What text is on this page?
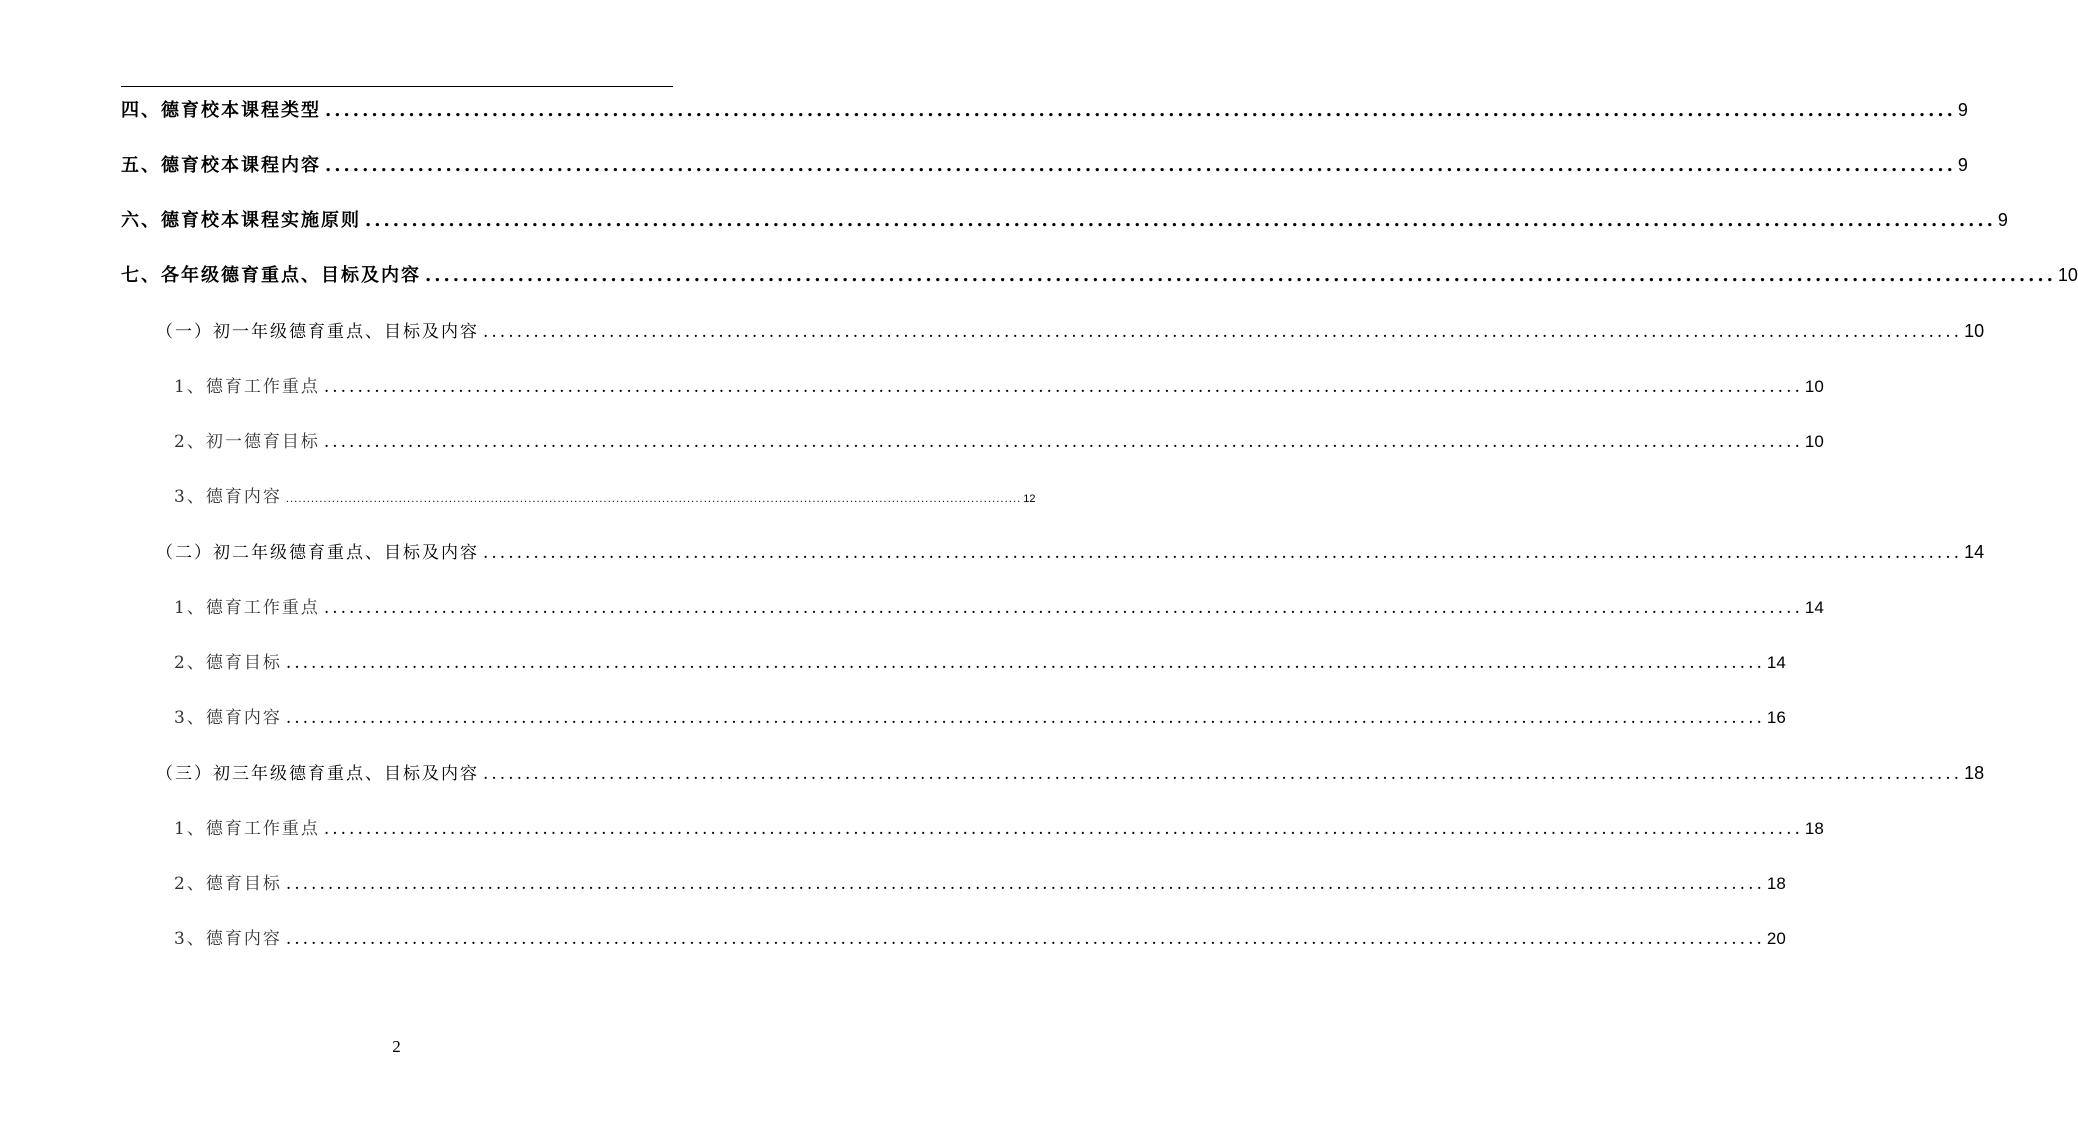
四、德育校本课程类型 ................................................................................................................................................................................ 9
五、德育校本课程内容 ................................................................................................................................................................................ 9
六、德育校本课程实施原则 ................................................................................................................................................................................ 9
七、各年级德育重点、目标及内容 ................................................................................................................................................................................ 10
（一）初一年级德育重点、目标及内容 ................................................................................................................................................................................ 10
1、德育工作重点 ................................................................................................................................................................................ 10
2、初一德育目标 ................................................................................................................................................................................ 10
3、德育内容 ................................................................................................................................................................................ 12
（二）初二年级德育重点、目标及内容 ................................................................................................................................................................................ 14
1、德育工作重点 ................................................................................................................................................................................ 14
2、德育目标 ................................................................................................................................................................................ 14
3、德育内容 ................................................................................................................................................................................ 16
（三）初三年级德育重点、目标及内容 ................................................................................................................................................................................ 18
1、德育工作重点 ................................................................................................................................................................................ 18
2、德育目标 ................................................................................................................................................................................ 18
3、德育内容 ................................................................................................................................................................................ 20
2
